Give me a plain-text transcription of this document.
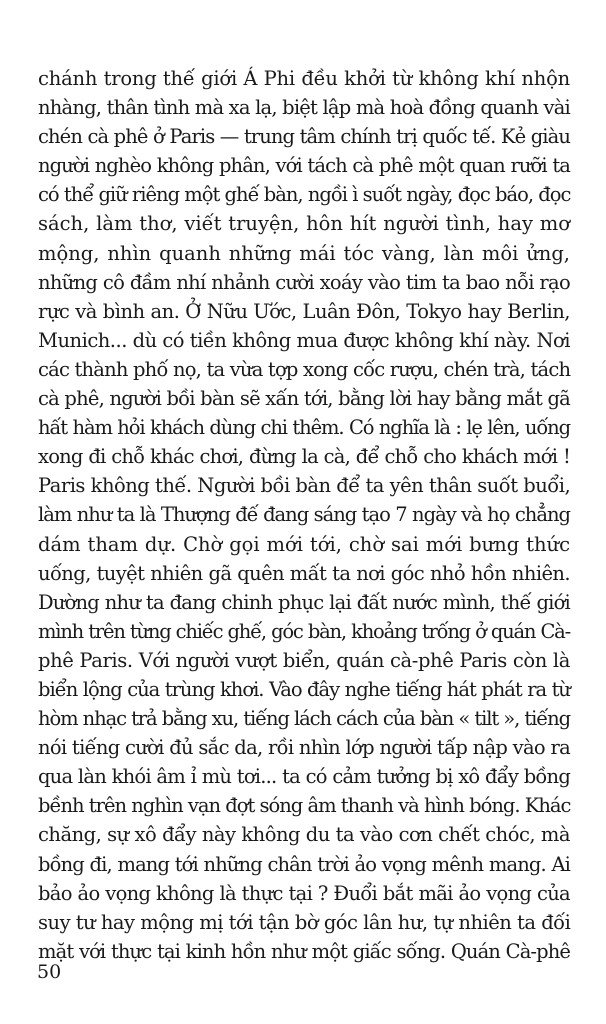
chánh trong thế giới Á Phi đều khởi từ không khí nhộn
nhàng, thân tình mà xa lạ, biệt lập mà hoà đồng quanh vài
chén cà phê ở Paris — trung tâm chính trị quốc tế. Kẻ giàu
người nghèo không phân, với tách cà phê một quan rưỡi ta
có thể giữ riêng một ghế bàn, ngồi ì suốt ngày, đọc báo, đọc
sách, làm thơ, viết truyện, hôn hít người tình, hay mơ
mộng, nhìn quanh những mái tóc vàng, làn môi ửng,
những cô đầm nhí nhảnh cười xoáy vào tim ta bao nỗi rạo
rực và bình an. Ở Nữu Ước, Luân Đôn, Tokyo hay Berlin,
Munich... dù có tiền không mua được không khí này. Nơi
các thành phố nọ, ta vừa tợp xong cốc rượu, chén trà, tách
cà phê, người bồi bàn sẽ xấn tới, bằng lời hay bằng mắt gã
hất hàm hỏi khách dùng chi thêm. Có nghĩa là : lẹ lên, uống
xong đi chỗ khác chơi, đừng la cà, để chỗ cho khách mới !
Paris không thế. Người bồi bàn để ta yên thân suốt buổi,
làm như ta là Thượng đế đang sáng tạo 7 ngày và họ chẳng
dám tham dự. Chờ gọi mới tới, chờ sai mới bưng thức
uống, tuyệt nhiên gã quên mất ta nơi góc nhỏ hồn nhiên.
Dường như ta đang chinh phục lại đất nước mình, thế giới
mình trên từng chiếc ghế, góc bàn, khoảng trống ở quán Cà-
phê Paris. Với người vượt biển, quán cà-phê Paris còn là
biển lộng của trùng khơi. Vào đây nghe tiếng hát phát ra từ
hòm nhạc trả bằng xu, tiếng lách cách của bàn « tilt », tiếng
nói tiếng cười đủ sắc da, rồi nhìn lớp người tấp nập vào ra
qua làn khói âm ỉ mù tơi... ta có cảm tưởng bị xô đẩy bồng
bềnh trên nghìn vạn đợt sóng âm thanh và hình bóng. Khác
chăng, sự xô đẩy này không du ta vào cơn chết chóc, mà
bồng đi, mang tới những chân trời ảo vọng mênh mang. Ai
bảo ảo vọng không là thực tại ? Đuổi bắt mãi ảo vọng của
suy tư hay mộng mị tới tận bờ góc lân hư, tự nhiên ta đối
mặt với thực tại kinh hồn như một giấc sống. Quán Cà-phê
50
